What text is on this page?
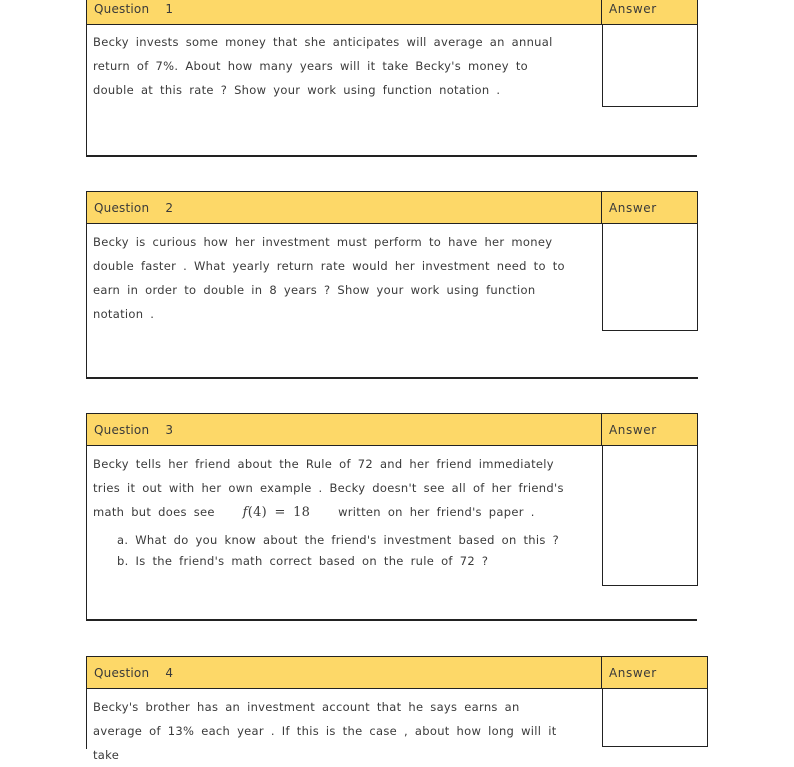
Question 1	Answer

Becky invests some money that she anticipates will average an annual

return of 7%. About how many years will it take Becky's money to

double at this rate ? Show your work using function notation .

Question 2	Answer

Becky is curious how her investment must perform to have her money

double faster . What yearly return rate would her investment need to to

earn in order to double in 8 years ? Show your work using function

notation .

Question 3	Answer

Becky tells her friend about the Rule of 72 and her friend immediately

tries it out with her own example . Becky doesn't see all of her friend's

math but does see f(4) = 18 written on her friend's paper .

a. What do you know about the friend's investment based on this ?
b. Is the friend's math correct based on the rule of 72 ?
Question 4	Answer

Becky's brother has an investment account that he says earns an

average of 13% each year . If this is the case , about how long will it take
